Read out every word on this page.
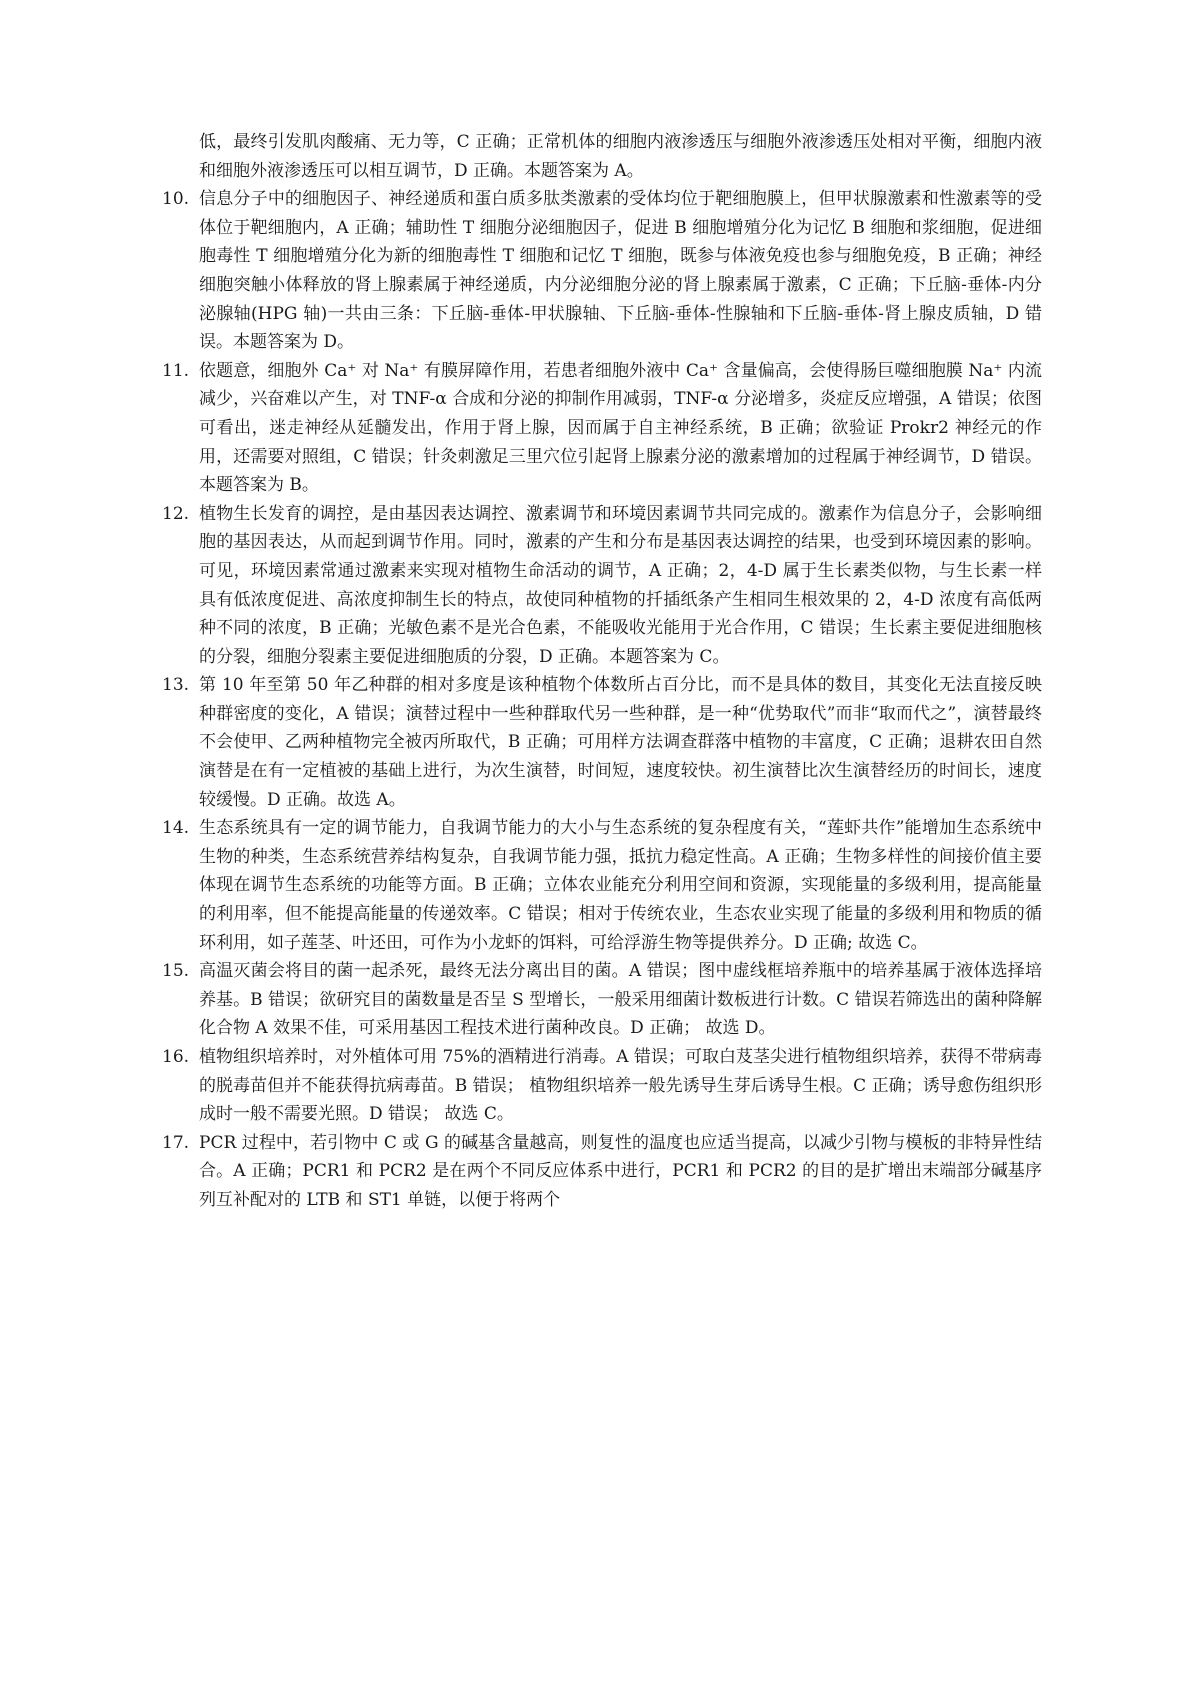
低，最终引发肌肉酸痛、无力等，C 正确；正常机体的细胞内液渗透压与细胞外液渗透压处相对平衡，细胞内液和细胞外液渗透压可以相互调节，D 正确。本题答案为 A。

10. 信息分子中的细胞因子、神经递质和蛋白质多肽类激素的受体均位于靶细胞膜上，但甲状腺激素和性激素等的受体位于靶细胞内，A 正确；辅助性 T 细胞分泌细胞因子，促进 B 细胞增殖分化为记忆 B 细胞和浆细胞，促进细胞毒性 T 细胞增殖分化为新的细胞毒性 T 细胞和记忆 T 细胞，既参与体液免疫也参与细胞免疫，B 正确；神经细胞突触小体释放的肾上腺素属于神经递质，内分泌细胞分泌的肾上腺素属于激素，C 正确；下丘脑-垂体-内分泌腺轴(HPG 轴)一共由三条：下丘脑-垂体-甲状腺轴、下丘脑-垂体-性腺轴和下丘脑-垂体-肾上腺皮质轴，D 错误。本题答案为 D。

11. 依题意，细胞外 Ca⁺ 对 Na⁺ 有膜屏障作用，若患者细胞外液中 Ca⁺ 含量偏高，会使得肠巨噬细胞膜 Na⁺ 内流减少，兴奋难以产生，对 TNF-α 合成和分泌的抑制作用减弱，TNF-α 分泌增多，炎症反应增强，A 错误；依图可看出，迷走神经从延髓发出，作用于肾上腺，因而属于自主神经系统，B 正确；欲验证 Prokr2 神经元的作用，还需要对照组，C 错误；针灸刺激足三里穴位引起肾上腺素分泌的激素增加的过程属于神经调节，D 错误。本题答案为 B。

12. 植物生长发育的调控，是由基因表达调控、激素调节和环境因素调节共同完成的。激素作为信息分子，会影响细胞的基因表达，从而起到调节作用。同时，激素的产生和分布是基因表达调控的结果，也受到环境因素的影响。可见，环境因素常通过激素来实现对植物生命活动的调节，A 正确；2，4-D 属于生长素类似物，与生长素一样具有低浓度促进、高浓度抑制生长的特点，故使同种植物的扦插纸条产生相同生根效果的 2，4-D 浓度有高低两种不同的浓度，B 正确；光敏色素不是光合色素，不能吸收光能用于光合作用，C 错误；生长素主要促进细胞核的分裂，细胞分裂素主要促进细胞质的分裂，D 正确。本题答案为 C。

13. 第 10 年至第 50 年乙种群的相对多度是该种植物个体数所占百分比，而不是具体的数目，其变化无法直接反映种群密度的变化，A 错误；演替过程中一些种群取代另一些种群，是一种“优势取代”而非“取而代之”，演替最终不会使甲、乙两种植物完全被丙所取代，B 正确；可用样方法调查群落中植物的丰富度，C 正确；退耕农田自然演替是在有一定植被的基础上进行，为次生演替，时间短，速度较快。初生演替比次生演替经历的时间长，速度较缓慢。D 正确。故选 A。

14. 生态系统具有一定的调节能力，自我调节能力的大小与生态系统的复杂程度有关，“莲虾共作”能增加生态系统中生物的种类，生态系统营养结构复杂，自我调节能力强，抵抗力稳定性高。A 正确；生物多样性的间接价值主要体现在调节生态系统的功能等方面。B 正确；立体农业能充分利用空间和资源，实现能量的多级利用，提高能量的利用率，但不能提高能量的传递效率。C 错误；相对于传统农业，生态农业实现了能量的多级利用和物质的循环利用，如子莲茎、叶还田，可作为小龙虾的饵料，可给浮游生物等提供养分。D 正确; 故选 C。

15. 高温灭菌会将目的菌一起杀死，最终无法分离出目的菌。A 错误；图中虚线框培养瓶中的培养基属于液体选择培养基。B 错误；欲研究目的菌数量是否呈 S 型增长，一般采用细菌计数板进行计数。C 错误若筛选出的菌种降解化合物 A 效果不佳，可采用基因工程技术进行菌种改良。D 正确； 故选 D。

16. 植物组织培养时，对外植体可用 75%的酒精进行消毒。A 错误；可取白芨茎尖进行植物组织培养，获得不带病毒的脱毒苗但并不能获得抗病毒苗。B 错误； 植物组织培养一般先诱导生芽后诱导生根。C 正确；诱导愈伤组织形成时一般不需要光照。D 错误； 故选 C。

17. PCR 过程中，若引物中 C 或 G 的碱基含量越高，则复性的温度也应适当提高，以减少引物与模板的非特异性结合。A 正确；PCR1 和 PCR2 是在两个不同反应体系中进行，PCR1 和 PCR2 的目的是扩增出末端部分碱基序列互补配对的 LTB 和 ST1 单链，以便于将两个
